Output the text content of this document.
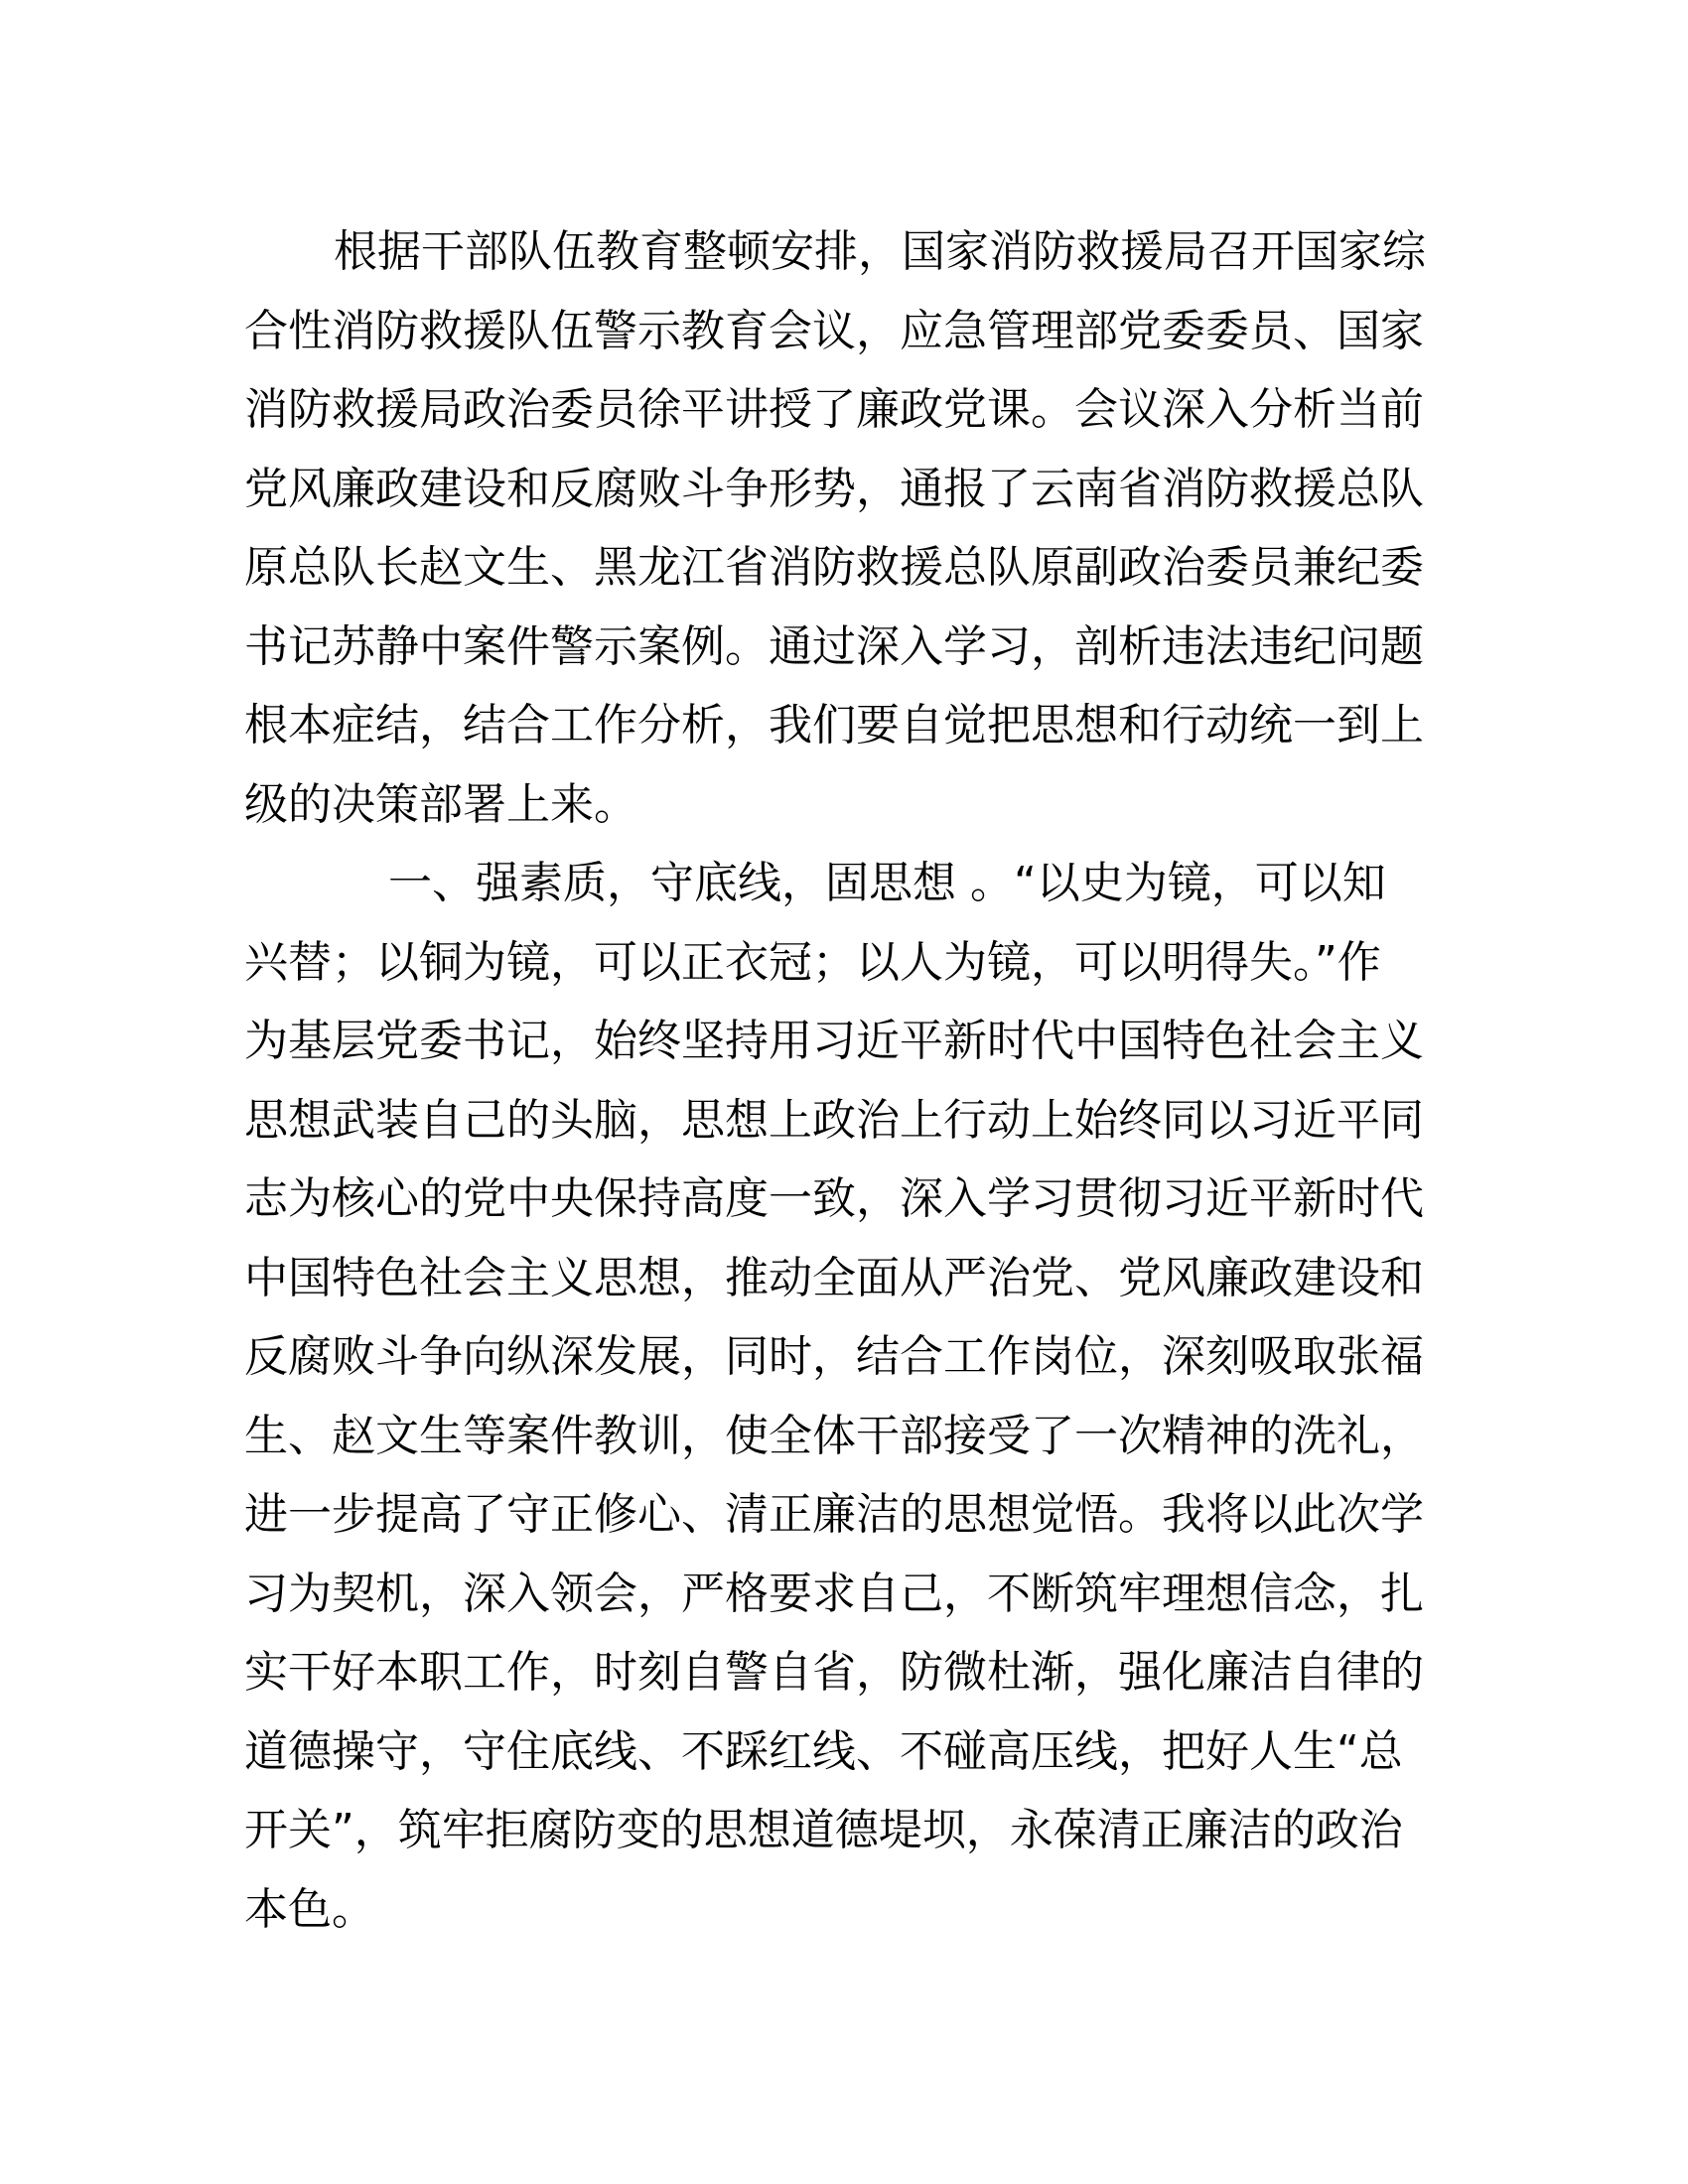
根据干部队伍教育整顿安排，国家消防救援局召开国家综
合性消防救援队伍警示教育会议，应急管理部党委委员、国家
消防救援局政治委员徐平讲授了廉政党课。会议深入分析当前
党风廉政建设和反腐败斗争形势，通报了云南省消防救援总队
原总队长赵文生、黑龙江省消防救援总队原副政治委员兼纪委
书记苏静中案件警示案例。通过深入学习，剖析违法违纪问题
根本症结，结合工作分析，我们要自觉把思想和行动统一到上
级的决策部署上来。
一、强素质，守底线，固思想 。“以史为镜，可以知
兴替；以铜为镜，可以正衣冠；以人为镜，可以明得失。”作
为基层党委书记，始终坚持用习近平新时代中国特色社会主义
思想武装自己的头脑，思想上政治上行动上始终同以习近平同
志为核心的党中央保持高度一致，深入学习贯彻习近平新时代
中国特色社会主义思想，推动全面从严治党、党风廉政建设和
反腐败斗争向纵深发展，同时，结合工作岗位，深刻吸取张福
生、赵文生等案件教训，使全体干部接受了一次精神的洗礼，
进一步提高了守正修心、清正廉洁的思想觉悟。我将以此次学
习为契机，深入领会，严格要求自己，不断筑牢理想信念，扎
实干好本职工作，时刻自警自省，防微杜渐，强化廉洁自律的
道德操守，守住底线、不踩红线、不碰高压线，把好人生“总
开关”，筑牢拒腐防变的思想道德堤坝，永葆清正廉洁的政治
本色。
